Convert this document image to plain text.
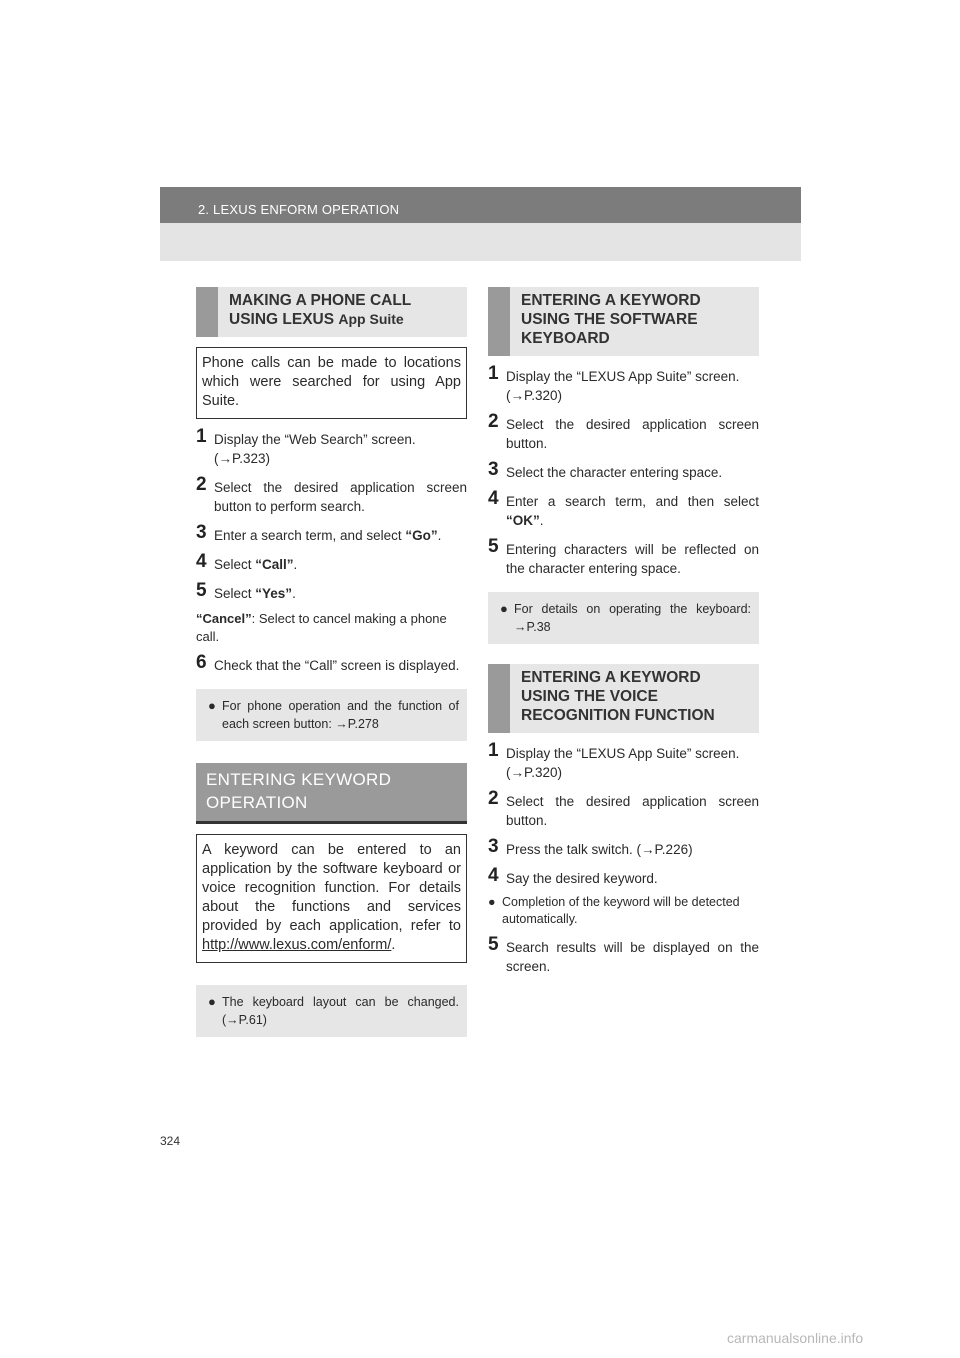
2. LEXUS ENFORM OPERATION
MAKING A PHONE CALL
USING LEXUS App Suite
Phone calls can be made to locations which were searched for using App Suite.
1 Display the “Web Search” screen.
(→P.323)
2 Select the desired application screen button to perform search.
3 Enter a search term, and select “Go”.
4 Select “Call”.
5 Select “Yes”.
“Cancel”: Select to cancel making a phone call.
6 Check that the “Call” screen is displayed.
● For phone operation and the function of each screen button: →P.278
ENTERING KEYWORD
OPERATION
A keyword can be entered to an application by the software keyboard or voice recognition function. For details about the functions and services provided by each application, refer to http://www.lexus.com/enform/.
● The keyboard layout can be changed. (→P.61)
ENTERING A KEYWORD
USING THE SOFTWARE
KEYBOARD
1 Display the “LEXUS App Suite” screen.
(→P.320)
2 Select the desired application screen button.
3 Select the character entering space.
4 Enter a search term, and then select “OK”.
5 Entering characters will be reflected on the character entering space.
● For details on operating the keyboard: →P.38
ENTERING A KEYWORD
USING THE VOICE
RECOGNITION FUNCTION
1 Display the “LEXUS App Suite” screen.
(→P.320)
2 Select the desired application screen button.
3 Press the talk switch. (→P.226)
4 Say the desired keyword.
● Completion of the keyword will be detected automatically.
5 Search results will be displayed on the screen.
324
carmanualsonline.info
